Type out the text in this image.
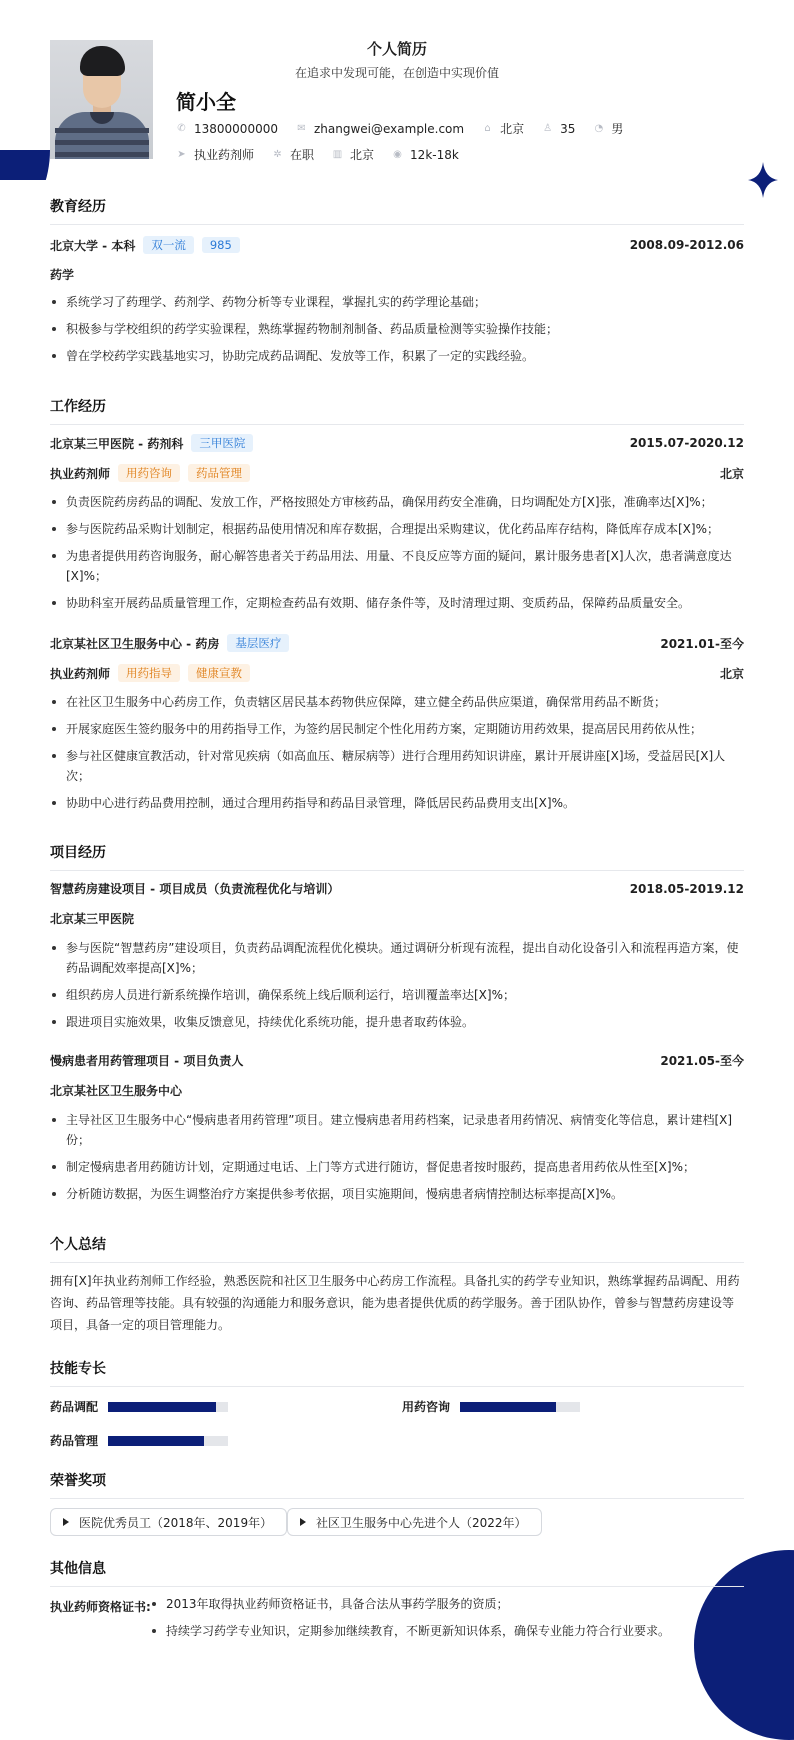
个人简历
在追求中发现可能，在创造中实现价值
简小全
✆ 13800000000 ✉ zhangwei@example.com ⌂ 北京 ♙ 35 ◔ 男
➤ 执业药剂师 ✲ 在职 ▥ 北京 ◉ 12k-18k
教育经历
北京大学 - 本科	双一流	985	2008.09-2012.06
药学
系统学习了药理学、药剂学、药物分析等专业课程，掌握扎实的药学理论基础；
积极参与学校组织的药学实验课程，熟练掌握药物制剂制备、药品质量检测等实验操作技能；
曾在学校药学实践基地实习，协助完成药品调配、发放等工作，积累了一定的实践经验。
工作经历
北京某三甲医院 - 药剂科	三甲医院	2015.07-2020.12
执业药剂师	用药咨询	药品管理	北京
负责医院药房药品的调配、发放工作，严格按照处方审核药品，确保用药安全准确，日均调配处方[X]张，准确率达[X]%；
参与医院药品采购计划制定，根据药品使用情况和库存数据，合理提出采购建议，优化药品库存结构，降低库存成本[X]%；
为患者提供用药咨询服务，耐心解答患者关于药品用法、用量、不良反应等方面的疑问，累计服务患者[X]人次，患者满意度达[X]%；
协助科室开展药品质量管理工作，定期检查药品有效期、储存条件等，及时清理过期、变质药品，保障药品质量安全。
北京某社区卫生服务中心 - 药房	基层医疗	2021.01-至今
执业药剂师	用药指导	健康宣教	北京
在社区卫生服务中心药房工作，负责辖区居民基本药物供应保障，建立健全药品供应渠道，确保常用药品不断货；
开展家庭医生签约服务中的用药指导工作，为签约居民制定个性化用药方案，定期随访用药效果，提高居民用药依从性；
参与社区健康宣教活动，针对常见疾病（如高血压、糖尿病等）进行合理用药知识讲座，累计开展讲座[X]场，受益居民[X]人次；
协助中心进行药品费用控制，通过合理用药指导和药品目录管理，降低居民药品费用支出[X]%。
项目经历
智慧药房建设项目 - 项目成员（负责流程优化与培训）	2018.05-2019.12
北京某三甲医院
参与医院“智慧药房”建设项目，负责药品调配流程优化模块。通过调研分析现有流程，提出自动化设备引入和流程再造方案，使药品调配效率提高[X]%；
组织药房人员进行新系统操作培训，确保系统上线后顺利运行，培训覆盖率达[X]%；
跟进项目实施效果，收集反馈意见，持续优化系统功能，提升患者取药体验。
慢病患者用药管理项目 - 项目负责人	2021.05-至今
北京某社区卫生服务中心
主导社区卫生服务中心“慢病患者用药管理”项目。建立慢病患者用药档案，记录患者用药情况、病情变化等信息，累计建档[X]份；
制定慢病患者用药随访计划，定期通过电话、上门等方式进行随访，督促患者按时服药，提高患者用药依从性至[X]%；
分析随访数据，为医生调整治疗方案提供参考依据，项目实施期间，慢病患者病情控制达标率提高[X]%。
个人总结
拥有[X]年执业药剂师工作经验，熟悉医院和社区卫生服务中心药房工作流程。具备扎实的药学专业知识，熟练掌握药品调配、用药咨询、药品管理等技能。具有较强的沟通能力和服务意识，能为患者提供优质的药学服务。善于团队协作，曾参与智慧药房建设等项目，具备一定的项目管理能力。
技能专长
药品调配	用药咨询
药品管理
荣誉奖项
医院优秀员工（2018年、2019年）	社区卫生服务中心先进个人（2022年）
其他信息
执业药师资格证书:	2013年取得执业药师资格证书，具备合法从事药学服务的资质；
持续学习药学专业知识，定期参加继续教育，不断更新知识体系，确保专业能力符合行业要求。
